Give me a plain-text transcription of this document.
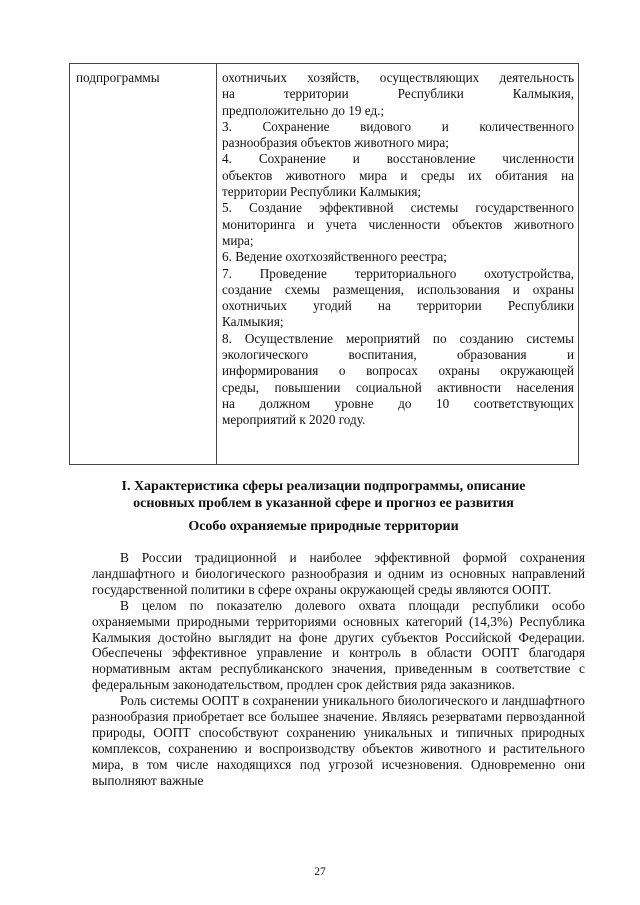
подпрограммы	охотничьих хозяйств, осуществляющих деятельность

на территории Республики Калмыкия,

предположительно до 19 ед.;

3. Сохранение видового и количественного

разнообразия объектов животного мира;

4. Сохранение и восстановление численности

объектов животного мира и среды их обитания на

территории Республики Калмыкия;

5. Создание эффективной системы государственного

мониторинга и учета численности объектов животного

мира;

6. Ведение охотхозяйственного реестра;

7. Проведение территориального охотустройства,

создание схемы размещения, использования и охраны

охотничьих угодий на территории Республики

Калмыкия;

8. Осуществление мероприятий по созданию системы

экологического воспитания, образования и

информирования о вопросах охраны окружающей

среды, повышении социальной активности населения

на должном уровне до 10 соответствующих

мероприятий к 2020 году.

I. Характеристика сферы реализации подпрограммы, описание
основных проблем в указанной сфере и прогноз ее развития
Особо охраняемые природные территории

В России традиционной и наиболее эффективной формой сохранения ландшафтного и биологического разнообразия и одним из основных направлений государственной политики в сфере охраны окружающей среды являются ООПТ.

В целом по показателю долевого охвата площади республики особо охраняемыми природными территориями основных категорий (14,3%) Республика Калмыкия достойно выглядит на фоне других субъектов Российской Федерации. Обеспечены эффективное управление и контроль в области ООПТ благодаря нормативным актам республиканского значения, приведенным в соответствие с федеральным законодательством, продлен срок действия ряда заказников.

Роль системы ООПТ в сохранении уникального биологического и ландшафтного разнообразия приобретает все большее значение. Являясь резерватами первозданной природы, ООПТ способствуют сохранению уникальных и типичных природных комплексов, сохранению и воспроизводству объектов животного и растительного мира, в том числе находящихся под угрозой исчезновения. Одновременно они выполняют важные

27
